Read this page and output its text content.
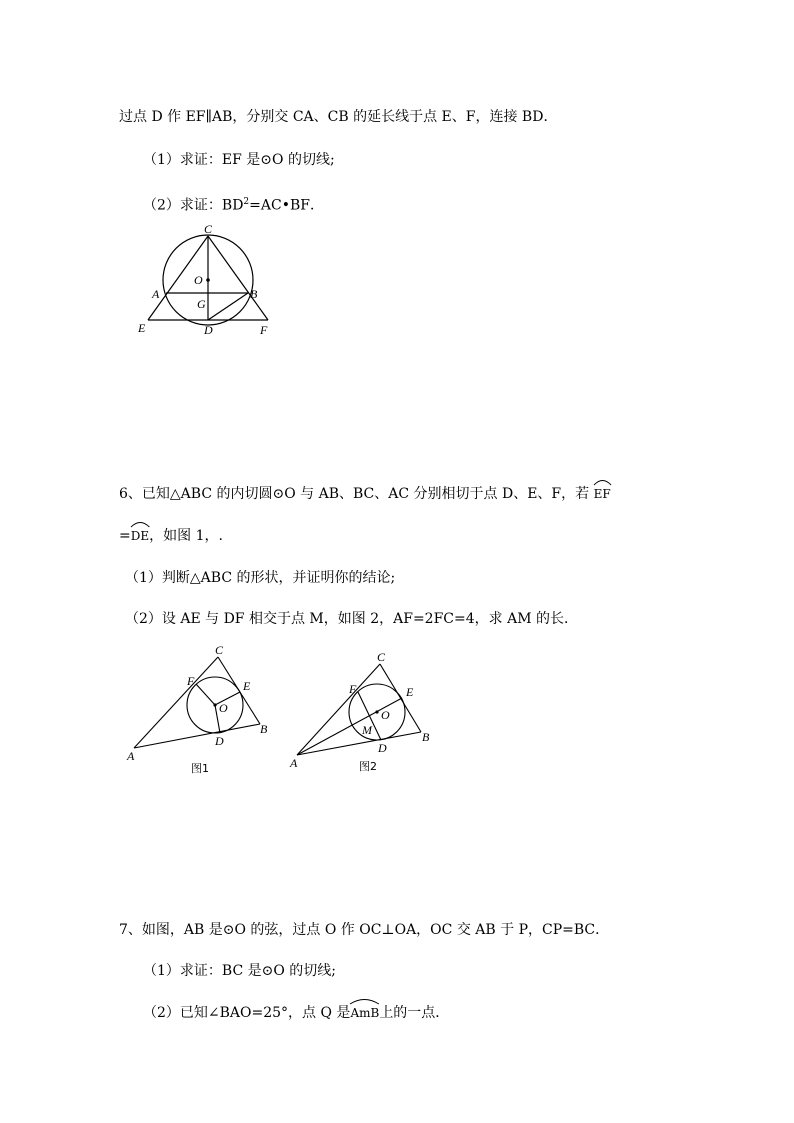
过点 D 作 EF∥AB，分别交 CA、CB 的延长线于点 E、F，连接 BD．
（1）求证：EF 是⊙O 的切线;
（2）求证：$BD^2=AC•BF$．
C
O
A	B
G
E	D	F
6、已知△ABC 的内切圆⊙O 与 AB、BC、AC 分别相切于点 D、E、F，若 EF
=
DE，如图 1，.
（1）判断△ABC 的形状，并证明你的结论;
（2）设 AE 与 DF 相交于点 M，如图 2，AF=2FC=4，求 AM 的长．
C
F	E
O
D
B
A
图1
C
F	E
O
M
D
B
A	图2
7、如图，AB 是⊙O 的弦，过点 O 作 OC⊥OA，OC 交 AB 于 P，CP=BC．
（1）求证：BC 是⊙O 的切线;
（2）已知∠BAO=25°，点 Q 是
AmB上的一点．
